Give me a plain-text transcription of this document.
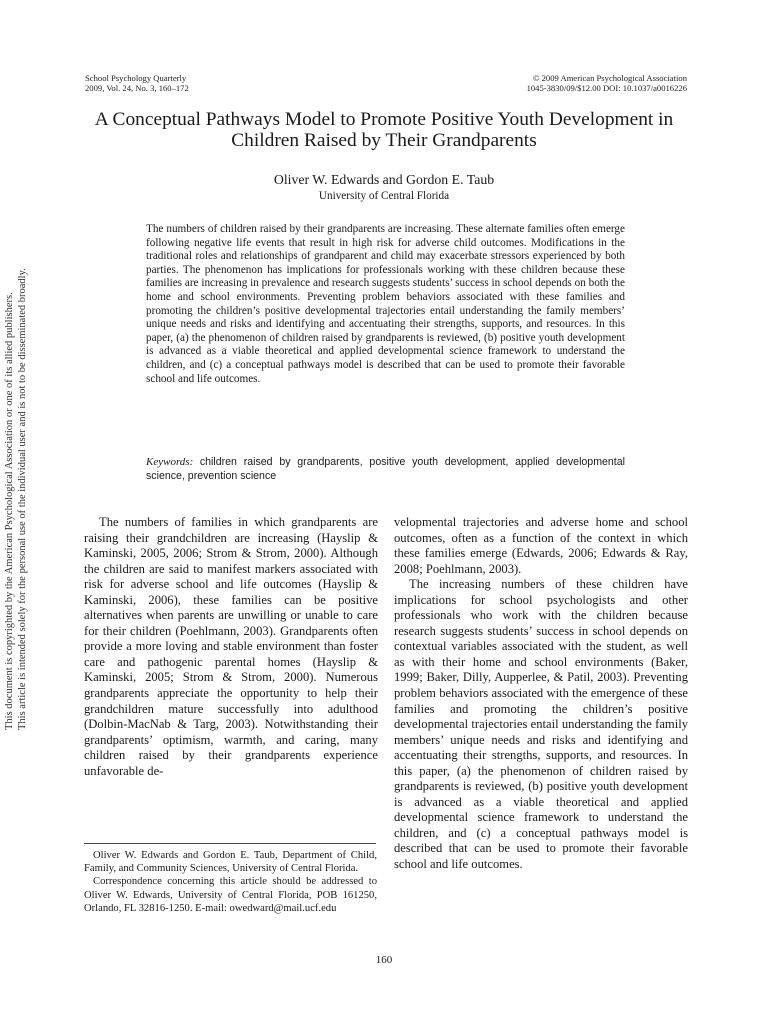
This document is copyrighted by the American Psychological Association or one of its allied publishers. This article is intended solely for the personal use of the individual user and is not to be disseminated broadly.
School Psychology Quarterly
2009, Vol. 24, No. 3, 160–172
© 2009 American Psychological Association
1045-3830/09/$12.00 DOI: 10.1037/a0016226
A Conceptual Pathways Model to Promote Positive Youth Development in Children Raised by Their Grandparents
Oliver W. Edwards and Gordon E. Taub
University of Central Florida

The numbers of children raised by their grandparents are increasing. These alternate families often emerge following negative life events that result in high risk for adverse child outcomes. Modifications in the traditional roles and relationships of grandparent and child may exacerbate stressors experienced by both parties. The phenomenon has implications for professionals working with these children because these families are increasing in prevalence and research suggests students’ success in school depends on both the home and school environments. Preventing problem behaviors associated with these families and promoting the children’s positive developmental trajectories entail understanding the family members’ unique needs and risks and identifying and accentuating their strengths, supports, and resources. In this paper, (a) the phenomenon of children raised by grandparents is reviewed, (b) positive youth development is advanced as a viable theoretical and applied developmental science framework to understand the children, and (c) a conceptual pathways model is described that can be used to promote their favorable school and life outcomes.

Keywords: children raised by grandparents, positive youth development, applied developmental science, prevention science

The numbers of families in which grandparents are raising their grandchildren are increasing (Hayslip & Kaminski, 2005, 2006; Strom & Strom, 2000). Although the children are said to manifest markers associated with risk for adverse school and life outcomes (Hayslip & Kaminski, 2006), these families can be positive alternatives when parents are unwilling or unable to care for their children (Poehlmann, 2003). Grandparents often provide a more loving and stable environment than foster care and pathogenic parental homes (Hayslip & Kaminski, 2005; Strom & Strom, 2000). Numerous grandparents appreciate the opportunity to help their grandchildren mature successfully into adulthood (Dolbin-MacNab & Targ, 2003). Notwithstanding their grandparents’ optimism, warmth, and caring, many children raised by their grandparents experience unfavorable de-

velopmental trajectories and adverse home and school outcomes, often as a function of the context in which these families emerge (Edwards, 2006; Edwards & Ray, 2008; Poehlmann, 2003).

The increasing numbers of these children have implications for school psychologists and other professionals who work with the children because research suggests students’ success in school depends on contextual variables associated with the student, as well as with their home and school environments (Baker, 1999; Baker, Dilly, Aupperlee, & Patil, 2003). Preventing problem behaviors associated with the emergence of these families and promoting the children’s positive developmental trajectories entail understanding the family members’ unique needs and risks and identifying and accentuating their strengths, supports, and resources. In this paper, (a) the phenomenon of children raised by grandparents is reviewed, (b) positive youth development is advanced as a viable theoretical and applied developmental science framework to understand the children, and (c) a conceptual pathways model is described that can be used to promote their favorable school and life outcomes.

Oliver W. Edwards and Gordon E. Taub, Department of Child, Family, and Community Sciences, University of Central Florida.

Correspondence concerning this article should be addressed to Oliver W. Edwards, University of Central Florida, POB 161250, Orlando, FL 32816-1250. E-mail: owedward@mail.ucf.edu

160
